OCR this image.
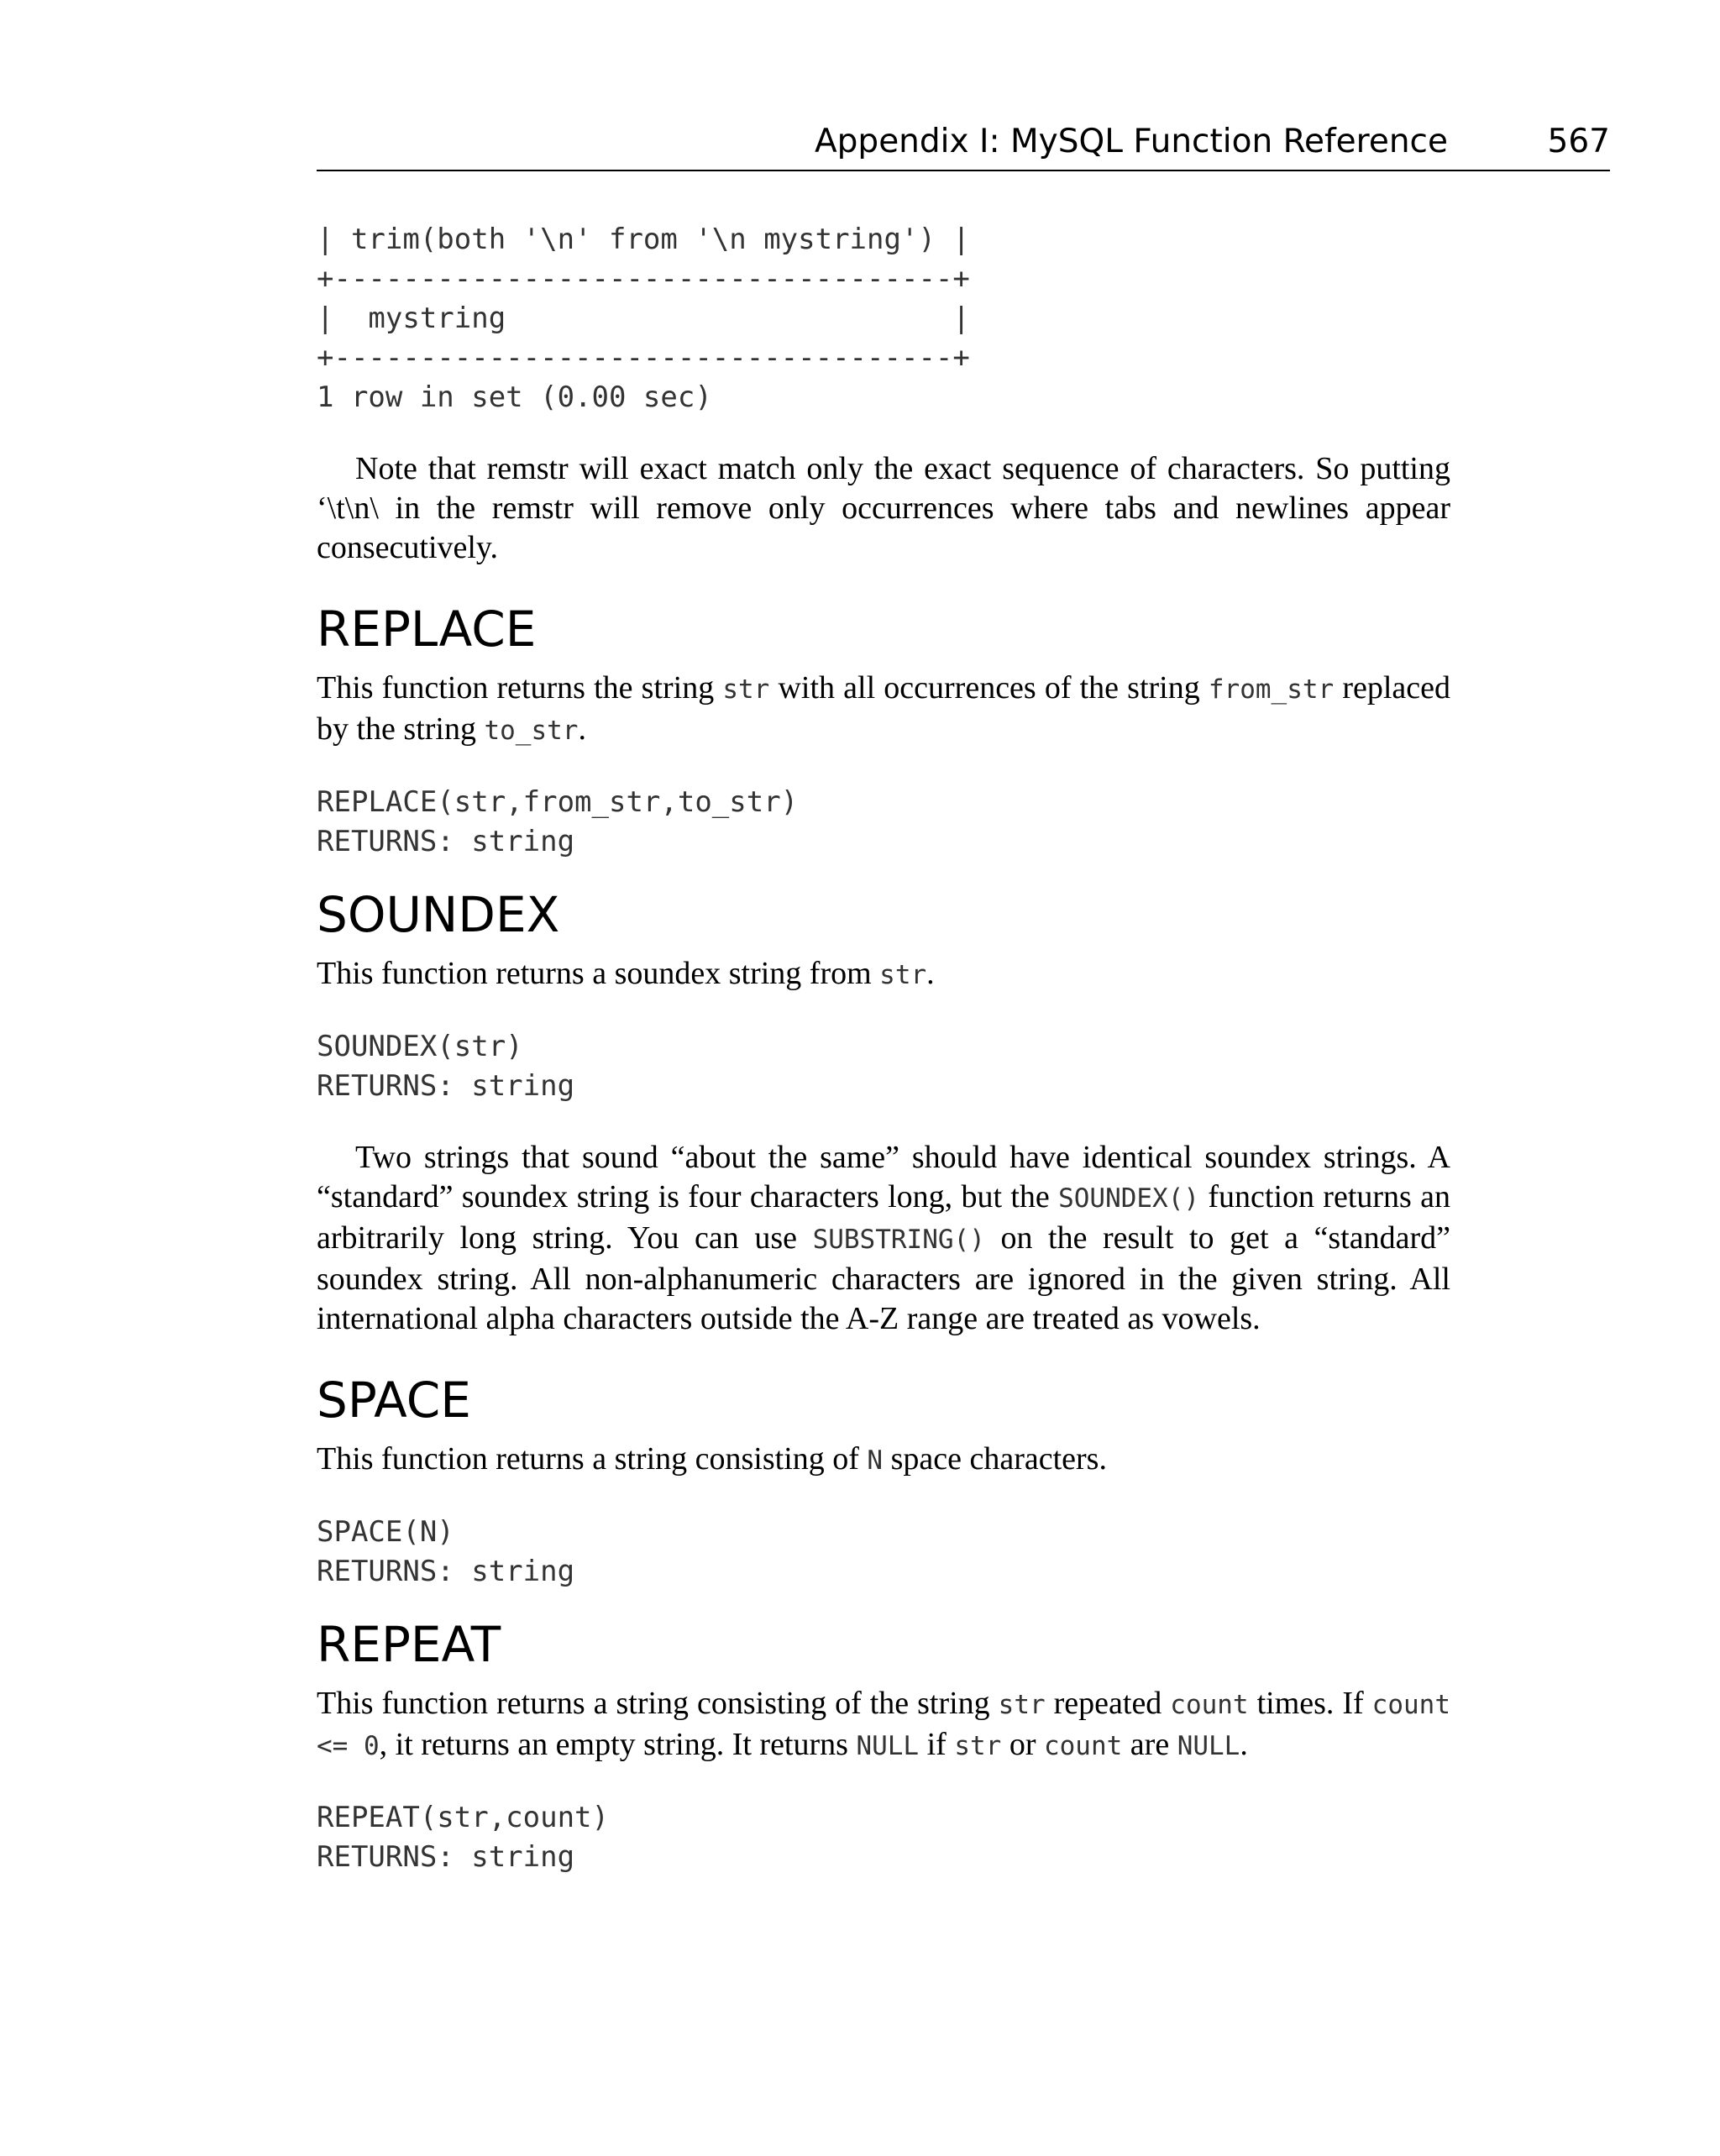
Appendix I: MySQL Function Reference	567
| trim(both '\n' from '\n mystring') |
+------------------------------------+
|  mystring                          |
+------------------------------------+
1 row in set (0.00 sec)

Note that remstr will exact match only the exact sequence of characters. So putting ‘\t\n\ in the remstr will remove only occurrences where tabs and newlines appear consecutively.

REPLACE

This function returns the string str with all occurrences of the string from_str replaced by the string to_str.

REPLACE(str,from_str,to_str)
RETURNS: string
SOUNDEX

This function returns a soundex string from str.

SOUNDEX(str)
RETURNS: string

Two strings that sound “about the same” should have identical soundex strings. A “standard” soundex string is four characters long, but the SOUNDEX() function returns an arbitrarily long string. You can use SUBSTRING() on the result to get a “standard” soundex string. All non-alphanumeric characters are ignored in the given string. All international alpha characters outside the A-Z range are treated as vowels.

SPACE

This function returns a string consisting of N space characters.

SPACE(N)
RETURNS: string
REPEAT

This function returns a string consisting of the string str repeated count times. If count <= 0, it returns an empty string. It returns NULL if str or count are NULL.

REPEAT(str,count)
RETURNS: string
